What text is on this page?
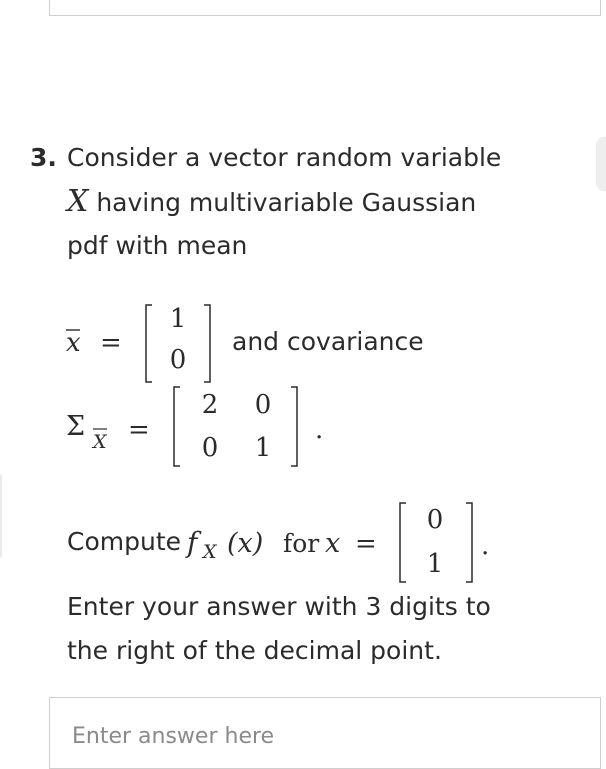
3. Consider a vector random variable
X having multivariable Gaussian
pdf with mean
x =
1
0
and covariance
Σ X =
2 0
0 1
.
Compute f X (x) for x =
0
1
.
Enter your answer with 3 digits to
the right of the decimal point.
Enter answer here
